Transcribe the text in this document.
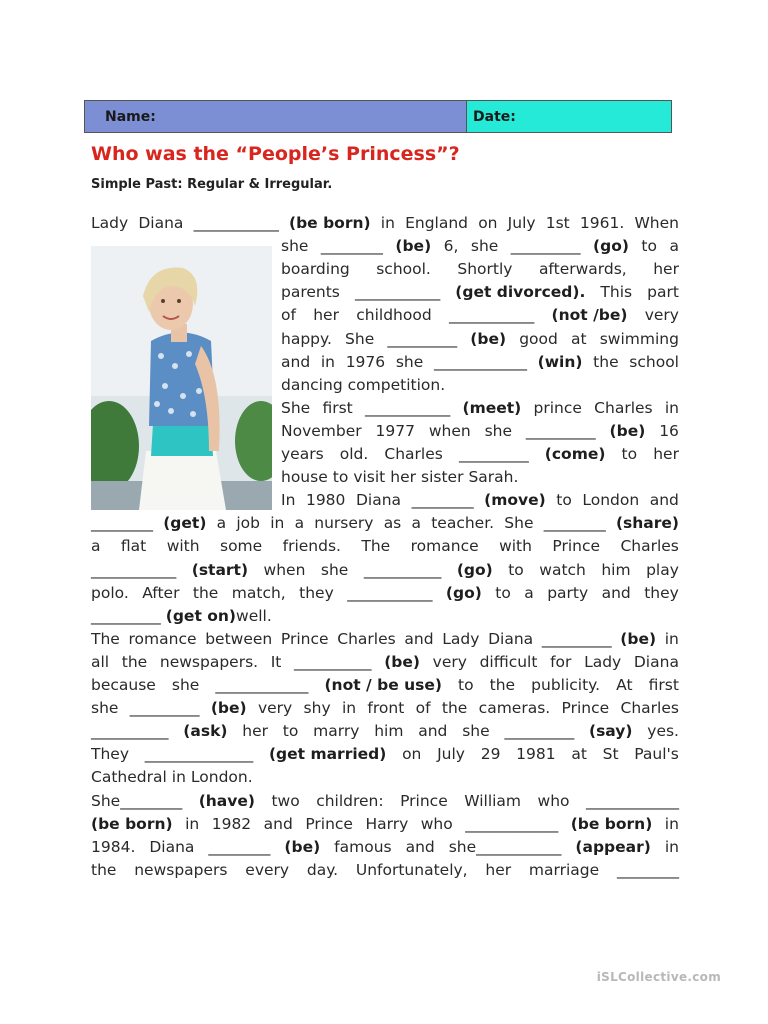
Name:	Date:
Who was the “People’s Princess”?
Simple Past: Regular & Irregular.
Lady Diana ___________ (be born) in England on July 1st 1961. When
she ________ (be) 6, she _________ (go) to a
boarding school. Shortly afterwards, her
parents ___________ (get divorced). This part
of her childhood ___________ (not /be) very
happy. She _________ (be) good at swimming
and in 1976 she ____________ (win) the school
dancing competition.
She first ___________ (meet) prince Charles in
November 1977 when she _________ (be) 16
years old. Charles _________ (come) to her
house to visit her sister Sarah.
In 1980 Diana ________ (move) to London and
________ (get) a job in a nursery as a teacher. She ________ (share)
a flat with some friends. The romance with Prince Charles
___________ (start) when she __________ (go) to watch him play
polo. After the match, they ___________ (go) to a party and they
_________ (get on) well.
The romance between Prince Charles and Lady Diana _________ (be) in
all the newspapers. It __________ (be) very difficult for Lady Diana
because she ____________ (not / be use) to the publicity. At first
she _________ (be) very shy in front of the cameras. Prince Charles
__________ (ask) her to marry him and she _________ (say) yes.
They ______________ (get married) on July 29 1981 at St Paul's
Cathedral in London.
She________ (have) two children: Prince William who ____________
(be born) in 1982 and Prince Harry who ____________ (be born) in
1984. Diana ________ (be) famous and she___________ (appear) in
the newspapers every day. Unfortunately, her marriage ________
iSLCollective.com
